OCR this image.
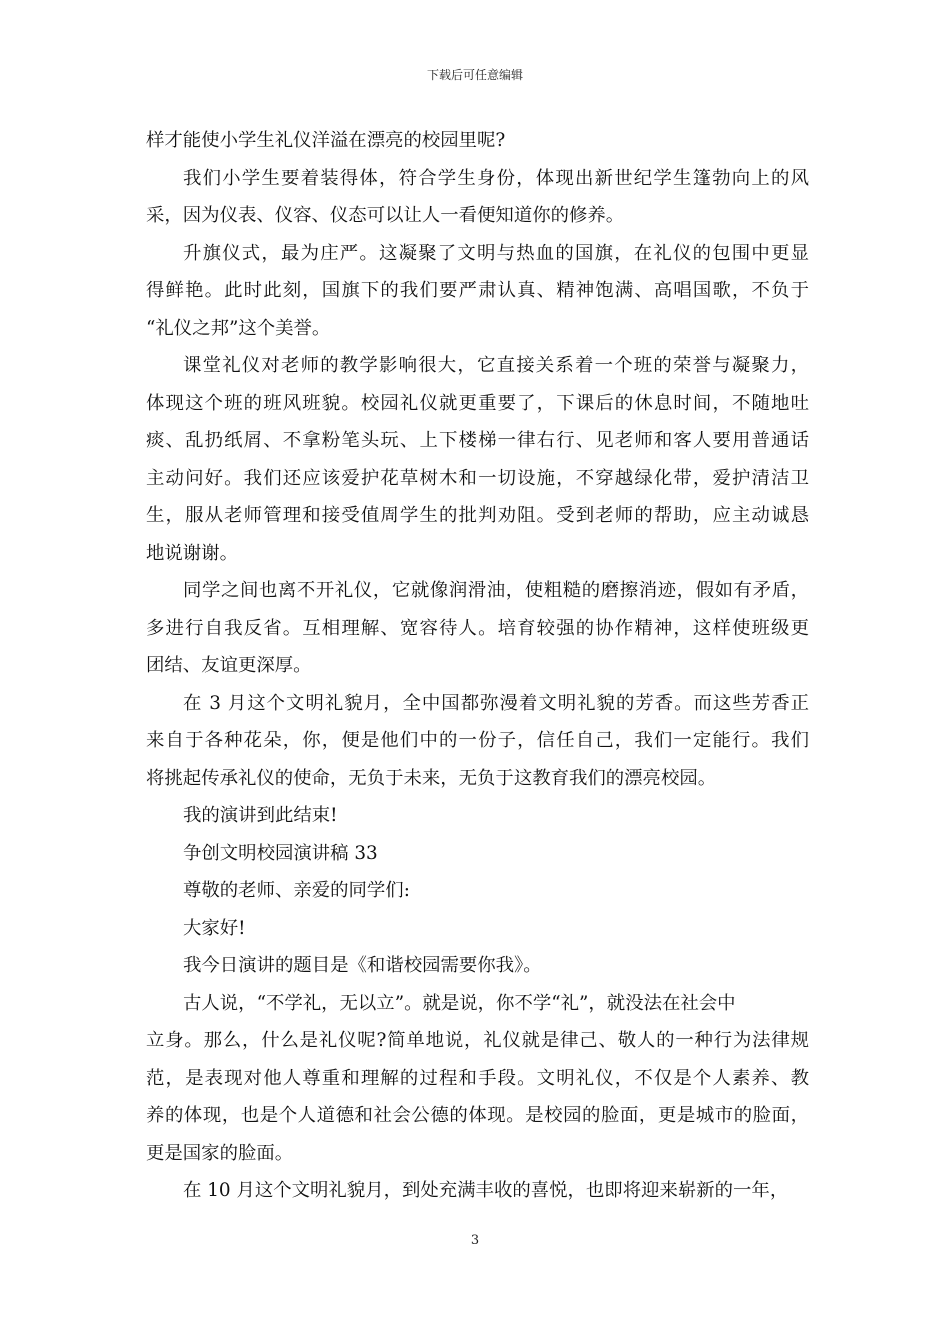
下载后可任意编辑
样才能使小学生礼仪洋溢在漂亮的校园里呢?
我们小学生要着装得体，符合学生身份，体现出新世纪学生篷勃向上的风
采，因为仪表、仪容、仪态可以让人一看便知道你的修养。
升旗仪式，最为庄严。这凝聚了文明与热血的国旗，在礼仪的包围中更显
得鲜艳。此时此刻，国旗下的我们要严肃认真、精神饱满、高唱国歌，不负于
“礼仪之邦”这个美誉。
课堂礼仪对老师的教学影响很大，它直接关系着一个班的荣誉与凝聚力，
体现这个班的班风班貌。校园礼仪就更重要了，下课后的休息时间，不随地吐
痰、乱扔纸屑、不拿粉笔头玩、上下楼梯一律右行、见老师和客人要用普通话
主动问好。我们还应该爱护花草树木和一切设施，不穿越绿化带，爱护清洁卫
生，服从老师管理和接受值周学生的批判劝阻。受到老师的帮助，应主动诚恳
地说谢谢。
同学之间也离不开礼仪，它就像润滑油，使粗糙的磨擦消迹，假如有矛盾，
多进行自我反省。互相理解、宽容待人。培育较强的协作精神，这样使班级更
团结、友谊更深厚。
在 3 月这个文明礼貌月，全中国都弥漫着文明礼貌的芳香。而这些芳香正
来自于各种花朵，你，便是他们中的一份子，信任自己，我们一定能行。我们
将挑起传承礼仪的使命，无负于未来，无负于这教育我们的漂亮校园。
我的演讲到此结束!
争创文明校园演讲稿 33
尊敬的老师、亲爱的同学们:
大家好!
我今日演讲的题目是《和谐校园需要你我》。
古人说，“不学礼，无以立”。就是说，你不学“礼”，就没法在社会中
立身。那么，什么是礼仪呢?简单地说，礼仪就是律己、敬人的一种行为法律规
范，是表现对他人尊重和理解的过程和手段。文明礼仪，不仅是个人素养、教
养的体现，也是个人道德和社会公德的体现。是校园的脸面，更是城市的脸面，
更是国家的脸面。
在 10 月这个文明礼貌月，到处充满丰收的喜悦，也即将迎来崭新的一年，
3
